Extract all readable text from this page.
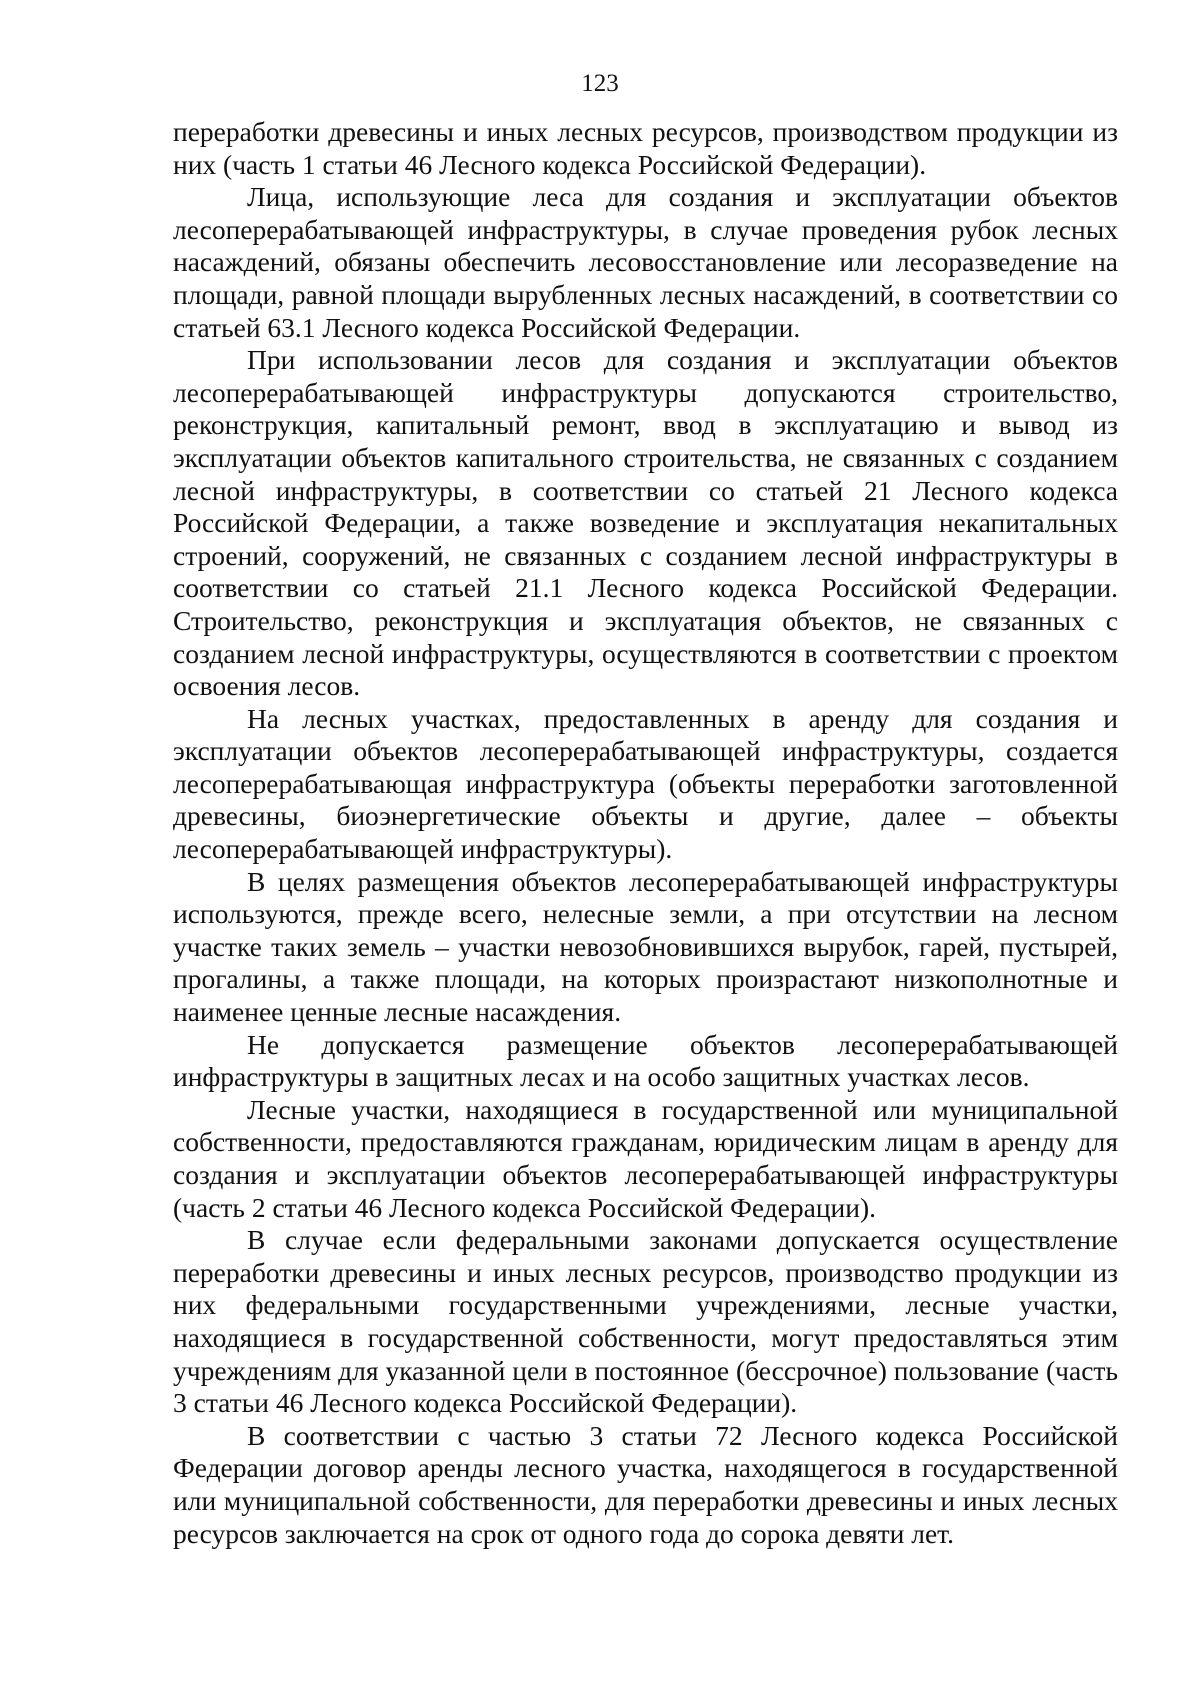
123

переработки древесины и иных лесных ресурсов, производством продукции из них (часть 1 статьи 46 Лесного кодекса Российской Федерации).

Лица, использующие леса для создания и эксплуатации объектов лесоперерабатывающей инфраструктуры, в случае проведения рубок лесных насаждений, обязаны обеспечить лесовосстановление или лесоразведение на площади, равной площади вырубленных лесных насаждений, в соответствии со статьей 63.1 Лесного кодекса Российской Федерации.

При использовании лесов для создания и эксплуатации объектов лесоперерабатывающей инфраструктуры допускаются строительство, реконструкция, капитальный ремонт, ввод в эксплуатацию и вывод из эксплуатации объектов капитального строительства, не связанных с созданием лесной инфраструктуры, в соответствии со статьей 21 Лесного кодекса Российской Федерации, а также возведение и эксплуатация некапитальных строений, сооружений, не связанных с созданием лесной инфраструктуры в соответствии со статьей 21.1 Лесного кодекса Российской Федерации. Строительство, реконструкция и эксплуатация объектов, не связанных с созданием лесной инфраструктуры, осуществляются в соответствии с проектом освоения лесов.

На лесных участках, предоставленных в аренду для создания и эксплуатации объектов лесоперерабатывающей инфраструктуры, создается лесоперерабатывающая инфраструктура (объекты переработки заготовленной древесины, биоэнергетические объекты и другие, далее – объекты лесоперерабатывающей инфраструктуры).

В целях размещения объектов лесоперерабатывающей инфраструктуры используются, прежде всего, нелесные земли, а при отсутствии на лесном участке таких земель – участки невозобновившихся вырубок, гарей, пустырей, прогалины, а также площади, на которых произрастают низкополнотные и наименее ценные лесные насаждения.

Не допускается размещение объектов лесоперерабатывающей инфраструктуры в защитных лесах и на особо защитных участках лесов.

Лесные участки, находящиеся в государственной или муниципальной собственности, предоставляются гражданам, юридическим лицам в аренду для создания и эксплуатации объектов лесоперерабатывающей инфраструктуры (часть 2 статьи 46 Лесного кодекса Российской Федерации).

В случае если федеральными законами допускается осуществление переработки древесины и иных лесных ресурсов, производство продукции из них федеральными государственными учреждениями, лесные участки, находящиеся в государственной собственности, могут предоставляться этим учреждениям для указанной цели в постоянное (бессрочное) пользование (часть 3 статьи 46 Лесного кодекса Российской Федерации).

В соответствии с частью 3 статьи 72 Лесного кодекса Российской Федерации договор аренды лесного участка, находящегося в государственной или муниципальной собственности, для переработки древесины и иных лесных ресурсов заключается на срок от одного года до сорока девяти лет.
